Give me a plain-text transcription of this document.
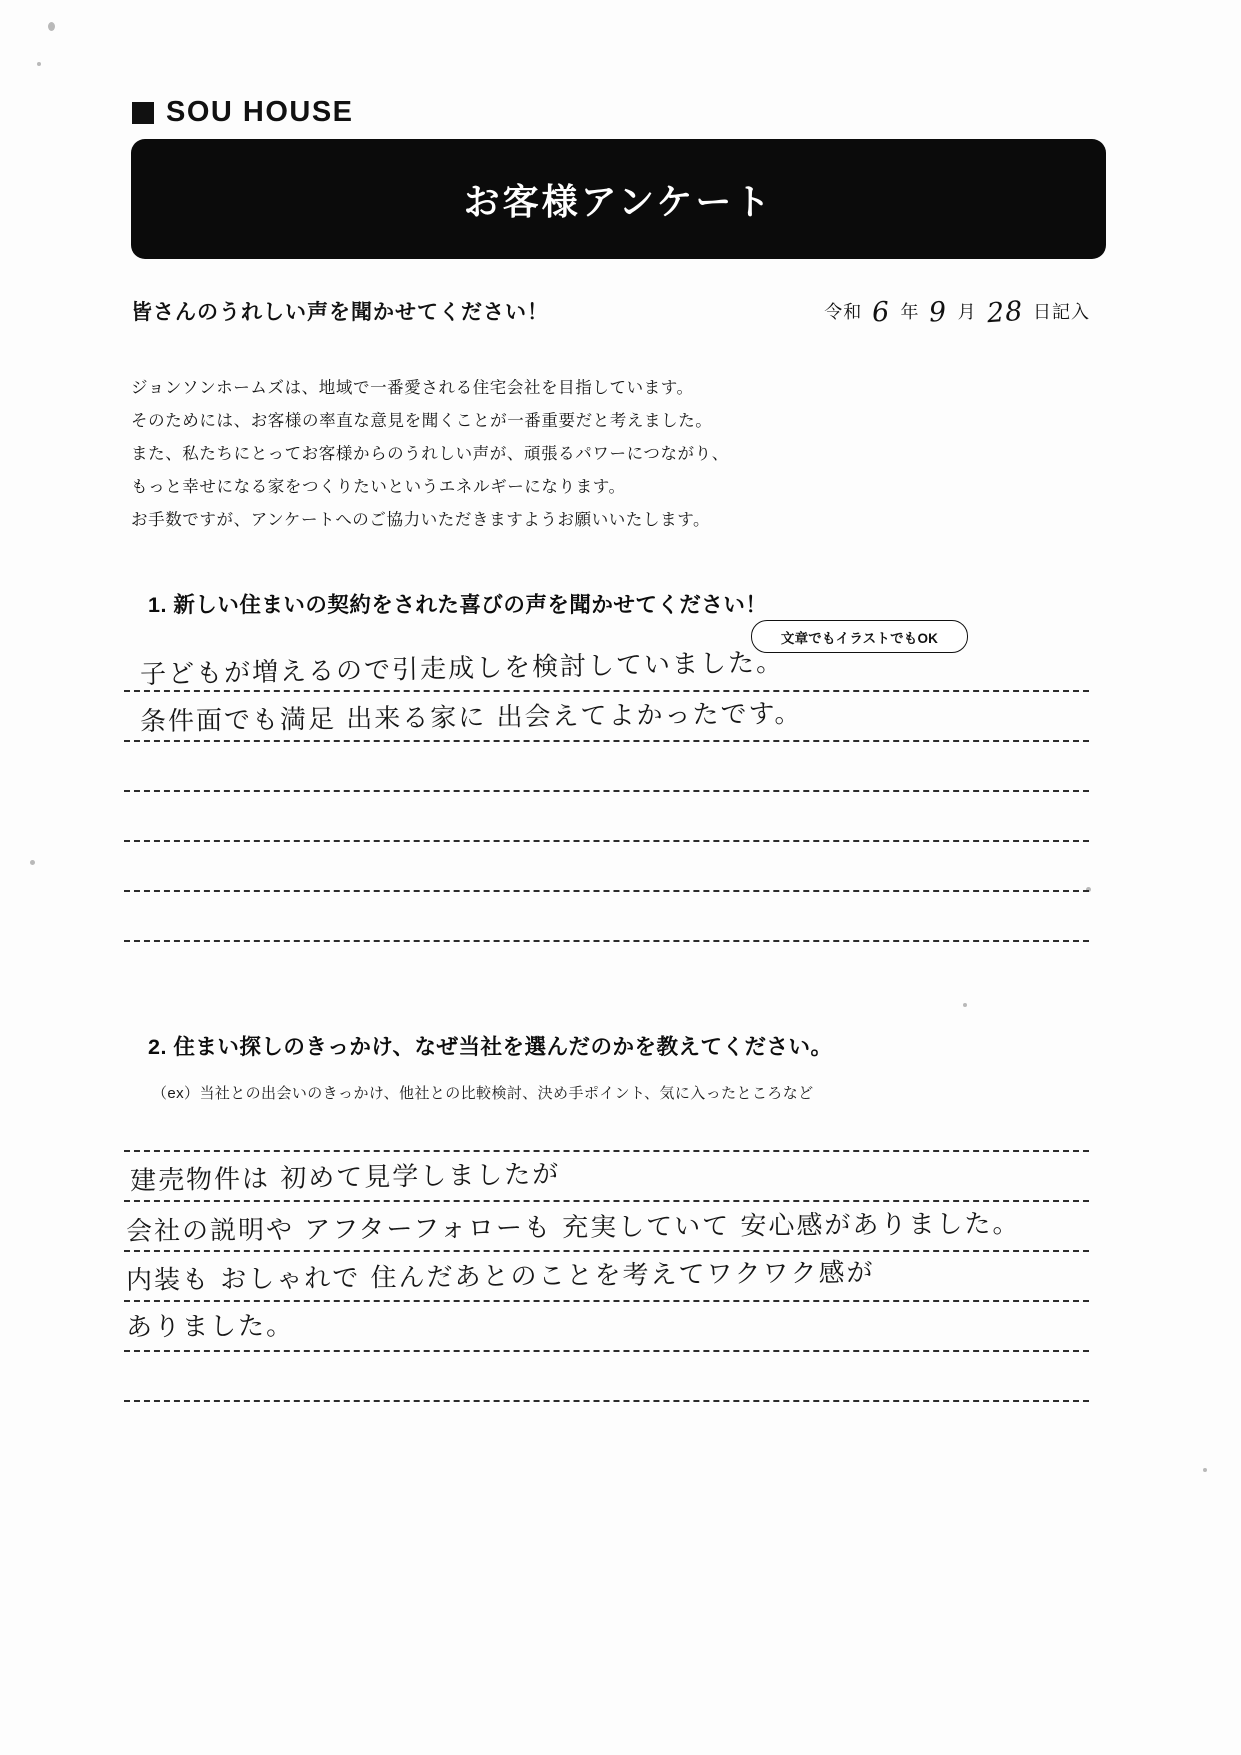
SOU HOUSE
お客様アンケート
皆さんのうれしい声を聞かせてください！	令和 6 年 9 月 28 日記入
ジョンソンホームズは、地域で一番愛される住宅会社を目指しています。
そのためには、お客様の率直な意見を聞くことが一番重要だと考えました。
また、私たちにとってお客様からのうれしい声が、頑張るパワーにつながり、
もっと幸せになる家をつくりたいというエネルギーになります。
お手数ですが、アンケートへのご協力いただきますようお願いいたします。
1. 新しい住まいの契約をされた喜びの声を聞かせてください！
文章でもイラストでもOK
子どもが増えるので引走成しを検討していました。
条件面でも満足 出来る家に 出会えてよかったです。
2. 住まい探しのきっかけ、なぜ当社を選んだのかを教えてください。
（ex）当社との出会いのきっかけ、他社との比較検討、決め手ポイント、気に入ったところなど
建売物件は 初めて見学しましたが
会社の説明や アフターフォローも 充実していて 安心感がありました。
内装も おしゃれで 住んだあとのことを考えてワクワク感が
ありました。
